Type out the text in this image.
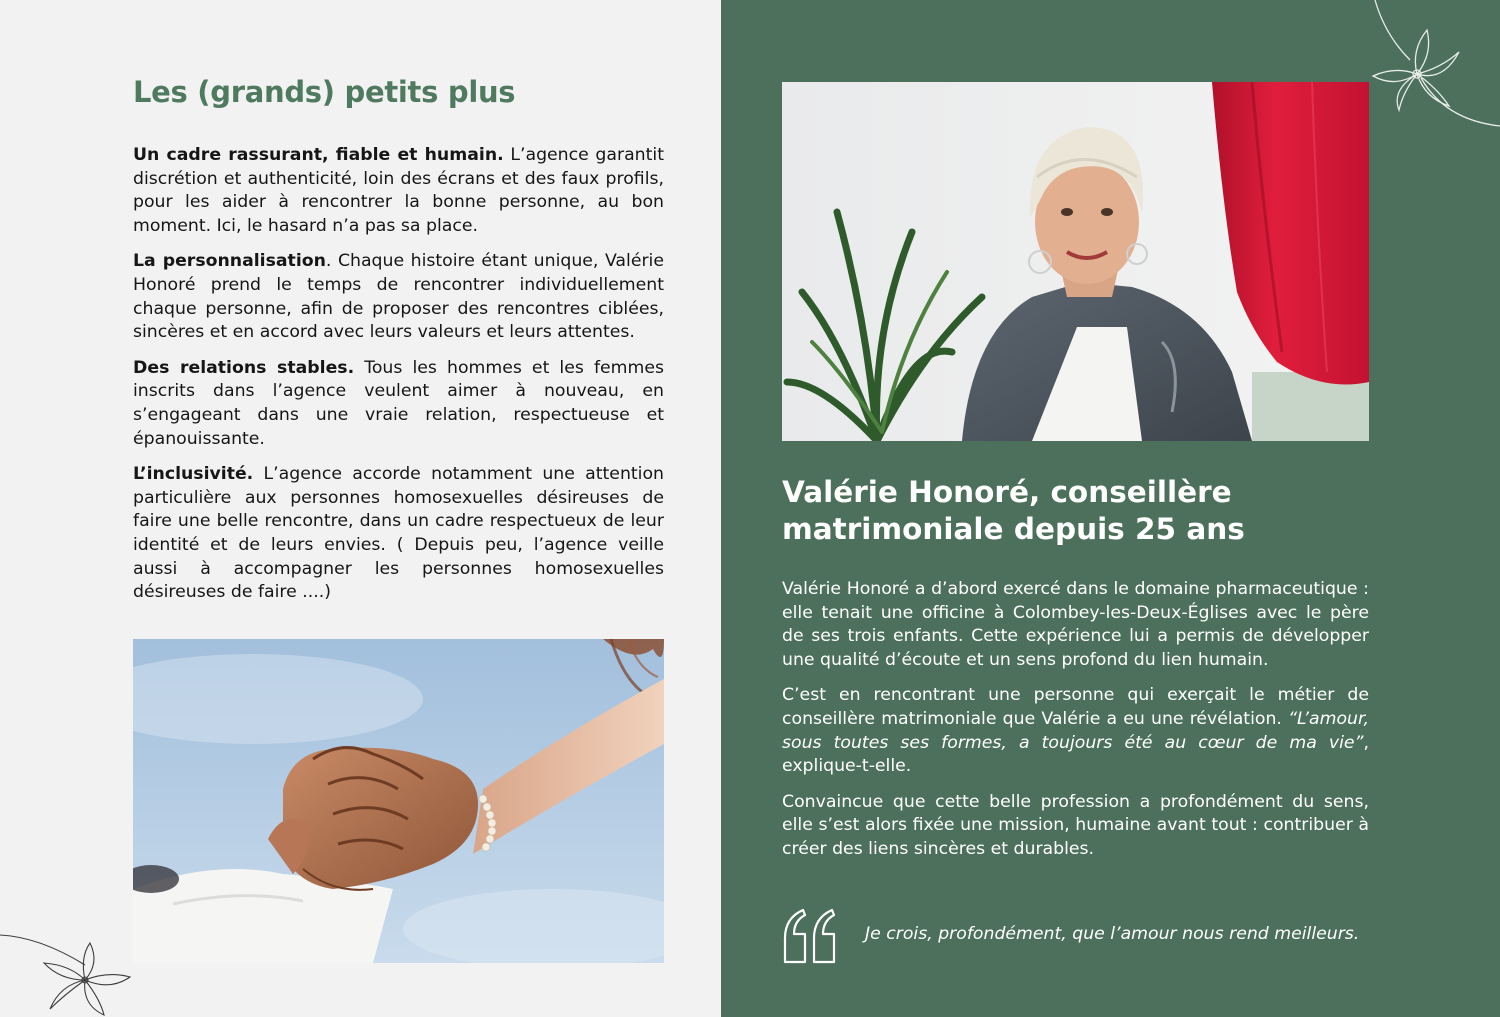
Les (grands) petits plus

Un cadre rassurant, fiable et humain. L’agence garantit discrétion et authenticité, loin des écrans et des faux profils, pour les aider à rencontrer la bonne personne, au bon moment. Ici, le hasard n’a pas sa place.

La personnalisation. Chaque histoire étant unique, Valérie Honoré prend le temps de rencontrer individuellement chaque personne, afin de proposer des rencontres ciblées, sincères et en accord avec leurs valeurs et leurs attentes.

Des relations stables. Tous les hommes et les femmes inscrits dans l’agence veulent aimer à nouveau, en s’engageant dans une vraie relation, respectueuse et épanouissante.

L’inclusivité. L’agence accorde notamment une attention particulière aux personnes homosexuelles désireuses de faire une belle rencontre, dans un cadre respectueux de leur identité et de leurs envies. ( Depuis peu, l’agence veille aussi à accompagner les personnes homosexuelles désireuses de faire ....)

Valérie Honoré, conseillère
matrimoniale depuis 25 ans

Valérie Honoré a d’abord exercé dans le domaine pharmaceutique : elle tenait une officine à Colombey-les-Deux-Églises avec le père de ses trois enfants. Cette expérience lui a permis de développer une qualité d’écoute et un sens profond du lien humain.

C’est en rencontrant une personne qui exerçait le métier de conseillère matrimoniale que Valérie a eu une révélation. “L’amour, sous toutes ses formes, a toujours été au cœur de ma vie”, explique-t-elle.

Convaincue que cette belle profession a profondément du sens, elle s’est alors fixée une mission, humaine avant tout : contribuer à créer des liens sincères et durables.

Je crois, profondément, que l’amour nous rend meilleurs.
